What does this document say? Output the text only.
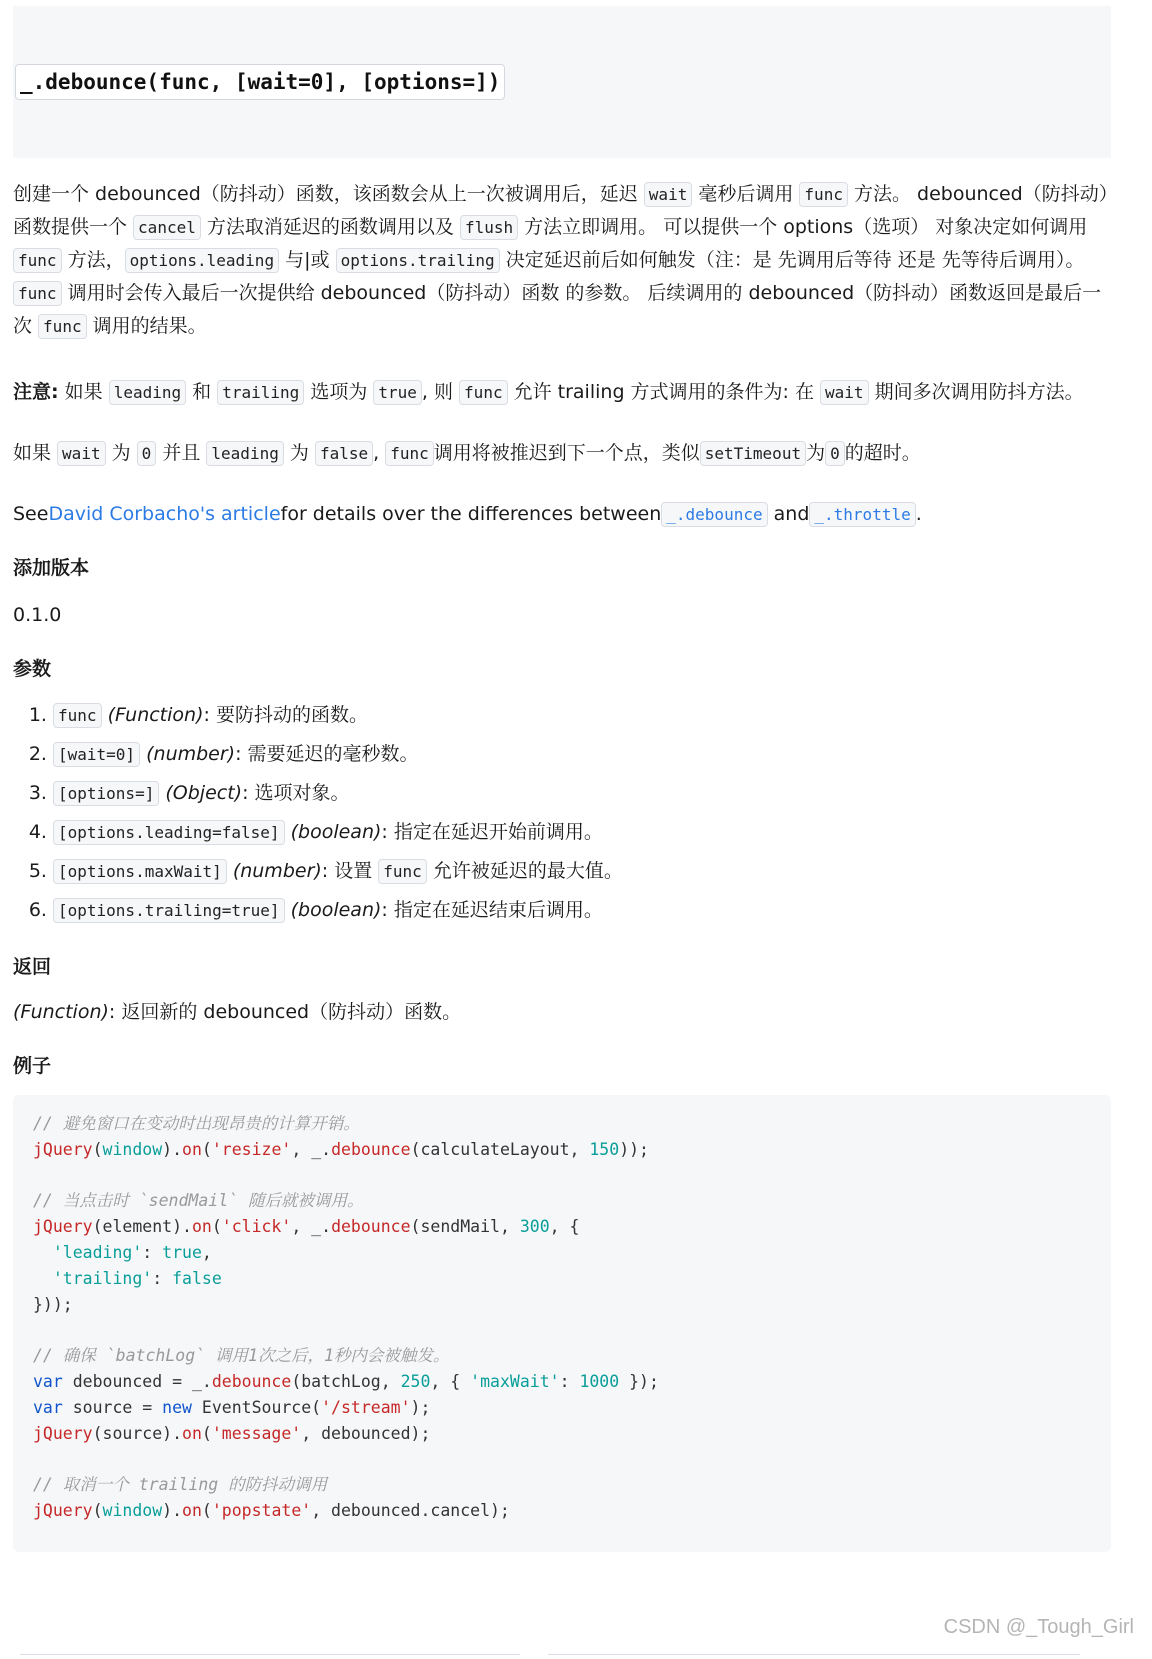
_.debounce(func, [wait=0], [options=])

创建一个 debounced（防抖动）函数，该函数会从上一次被调用后，延迟 wait 毫秒后调用 func 方法。 debounced（防抖动）函数提供一个 cancel 方法取消延迟的函数调用以及 flush 方法立即调用。 可以提供一个 options（选项） 对象决定如何调用 func 方法， options.leading 与|或 options.trailing 决定延迟前后如何触发（注：是 先调用后等待 还是 先等待后调用）。 func 调用时会传入最后一次提供给 debounced（防抖动）函数 的参数。 后续调用的 debounced（防抖动）函数返回是最后一次 func 调用的结果。

注意: 如果 leading 和 trailing 选项为 true , 则 func 允许 trailing 方式调用的条件为: 在 wait 期间多次调用防抖方法。

如果 wait 为 0 并且 leading 为 false , func 调用将被推迟到下一个点，类似 setTimeout 为 0 的超时。

SeeDavid Corbacho's articlefor details over the differences between _.debounce and _.throttle .

添加版本

0.1.0

参数
1. func (Function): 要防抖动的函数。
2. [wait=0] (number): 需要延迟的毫秒数。
3. [options=] (Object): 选项对象。
4. [options.leading=false] (boolean): 指定在延迟开始前调用。
5. [options.maxWait] (number): 设置 func 允许被延迟的最大值。
6. [options.trailing=true] (boolean): 指定在延迟结束后调用。
返回

(Function): 返回新的 debounced（防抖动）函数。

例子
// 避免窗口在变动时出现昂贵的计算开销。
jQuery(window).on('resize', _.debounce(calculateLayout, 150));
// 当点击时 `sendMail` 随后就被调用。
jQuery(element).on('click', _.debounce(sendMail, 300, {
'leading': true,
'trailing': false
}));
// 确保 `batchLog` 调用1次之后，1秒内会被触发。
var debounced = _.debounce(batchLog, 250, { 'maxWait': 1000 });
var source = new EventSource('/stream');
jQuery(source).on('message', debounced);
// 取消一个 trailing 的防抖动调用
jQuery(window).on('popstate', debounced.cancel);
CSDN @_Tough_Girl
